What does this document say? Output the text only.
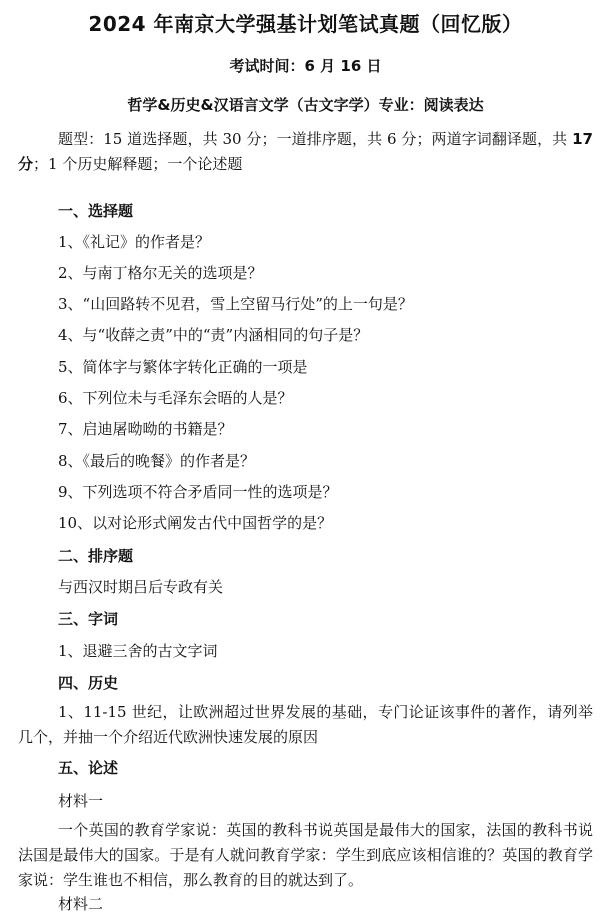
2024 年南京大学强基计划笔试真题（回忆版）
考试时间：6 月 16 日
哲学&历史&汉语言文学（古文字学）专业：阅读表达
题型：15 道选择题，共 30 分；一道排序题，共 6 分；两道字词翻译题，共 17 分；1 个历史解释题；一个论述题
一、选择题
1、《礼记》的作者是？
2、与南丁格尔无关的选项是？
3、“山回路转不见君，雪上空留马行处”的上一句是？
4、与“收薛之责”中的“责”内涵相同的句子是？
5、简体字与繁体字转化正确的一项是
6、下列位未与毛泽东会晤的人是？
7、启迪屠呦呦的书籍是？
8、《最后的晚餐》的作者是？
9、下列选项不符合矛盾同一性的选项是？
10、以对论形式阐发古代中国哲学的是？
二、排序题
与西汉时期吕后专政有关
三、字词
1、退避三舍的古文字词
四、历史
1、11-15 世纪，让欧洲超过世界发展的基础，专门论证该事件的著作，请列举几个，并抽一个介绍近代欧洲快速发展的原因
五、论述
材料一
一个英国的教育学家说：英国的教科书说英国是最伟大的国家，法国的教科书说法国是最伟大的国家。于是有人就问教育学家：学生到底应该相信谁的？英国的教育学家说：学生谁也不相信，那么教育的目的就达到了。
材料二
